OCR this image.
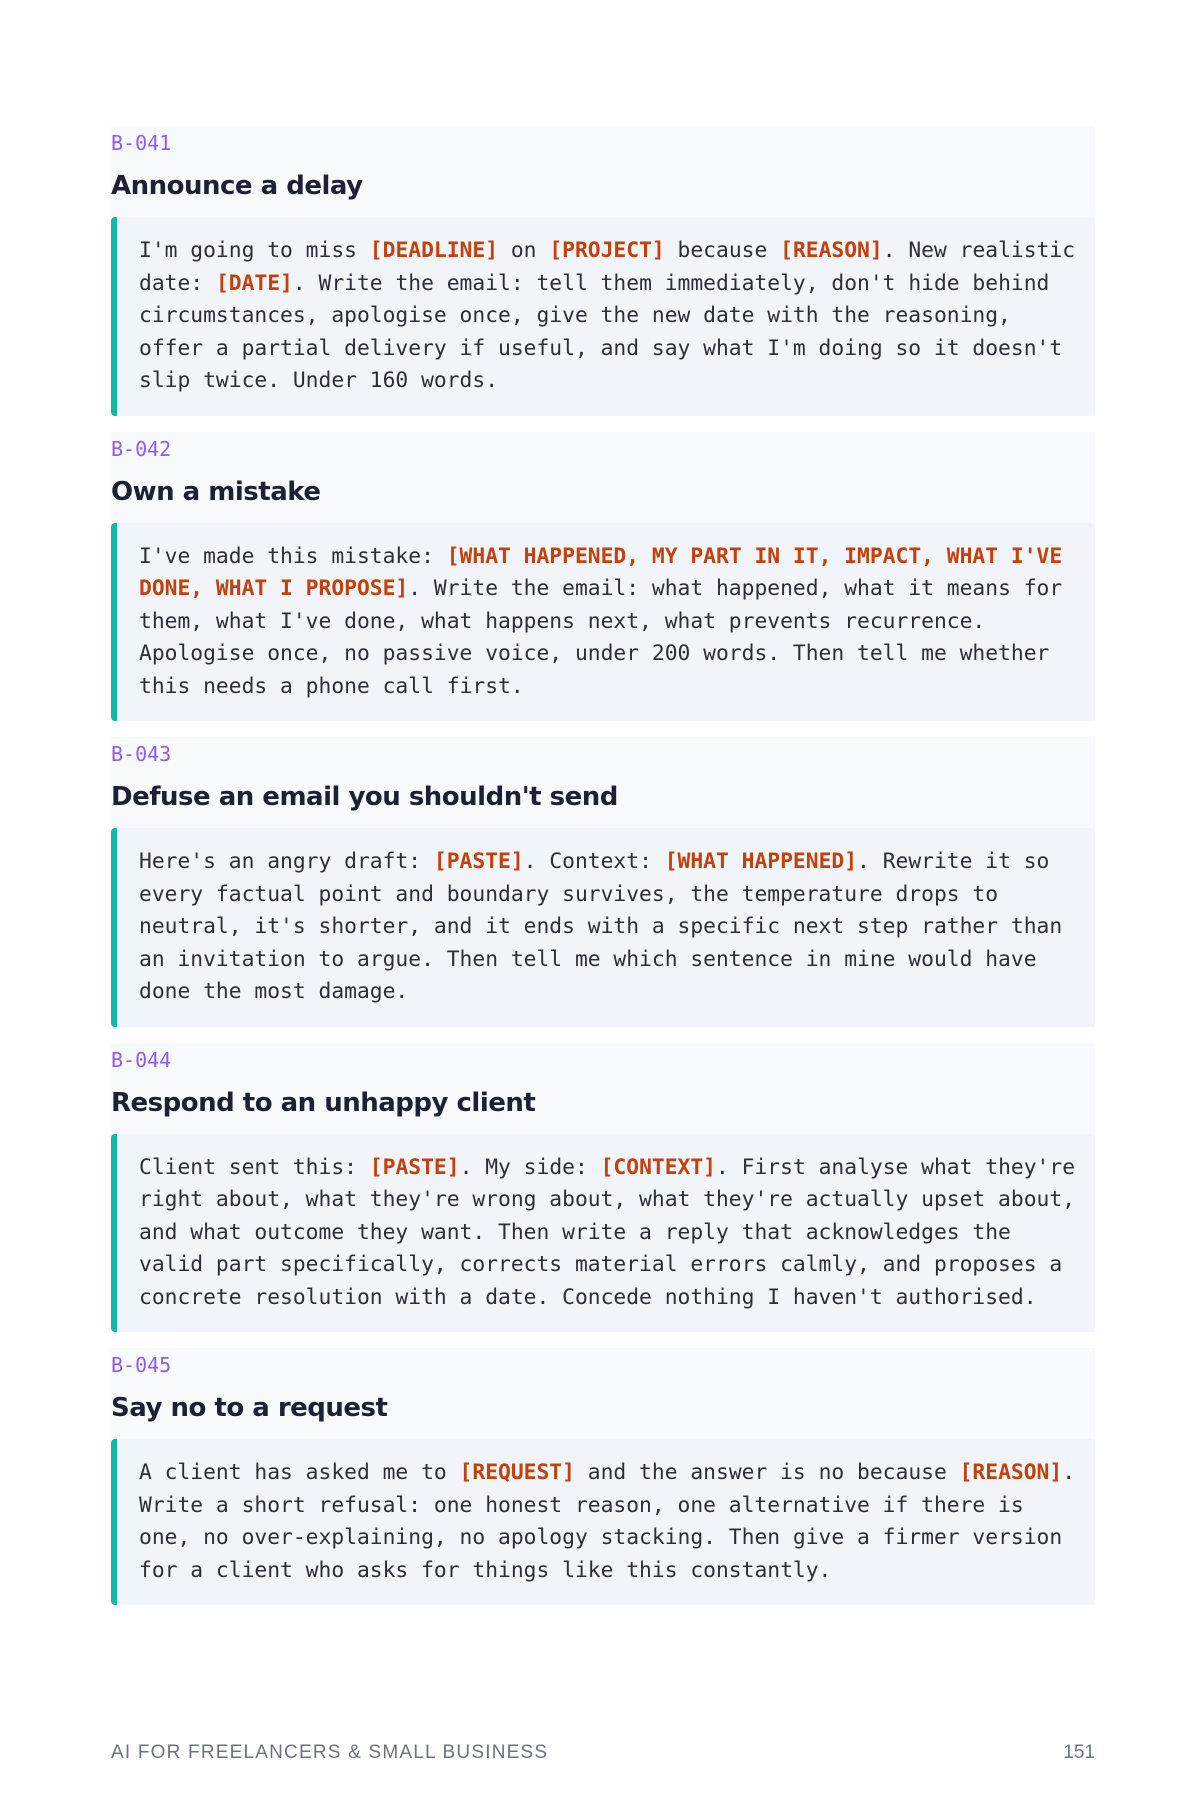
B-041
Announce a delay
I'm going to miss [DEADLINE] on [PROJECT] because [REASON]. New realistic date: [DATE]. Write the email: tell them immediately, don't hide behind circumstances, apologise once, give the new date with the reasoning, offer a partial delivery if useful, and say what I'm doing so it doesn't slip twice. Under 160 words.
B-042
Own a mistake
I've made this mistake: [WHAT HAPPENED, MY PART IN IT, IMPACT, WHAT I'VE DONE, WHAT I PROPOSE]. Write the email: what happened, what it means for them, what I've done, what happens next, what prevents recurrence. Apologise once, no passive voice, under 200 words. Then tell me whether this needs a phone call first.
B-043
Defuse an email you shouldn't send
Here's an angry draft: [PASTE]. Context: [WHAT HAPPENED]. Rewrite it so every factual point and boundary survives, the temperature drops to neutral, it's shorter, and it ends with a specific next step rather than an invitation to argue. Then tell me which sentence in mine would have done the most damage.
B-044
Respond to an unhappy client
Client sent this: [PASTE]. My side: [CONTEXT]. First analyse what they're right about, what they're wrong about, what they're actually upset about, and what outcome they want. Then write a reply that acknowledges the valid part specifically, corrects material errors calmly, and proposes a concrete resolution with a date. Concede nothing I haven't authorised.
B-045
Say no to a request
A client has asked me to [REQUEST] and the answer is no because [REASON]. Write a short refusal: one honest reason, one alternative if there is one, no over-explaining, no apology stacking. Then give a firmer version for a client who asks for things like this constantly.
AI FOR FREELANCERS & SMALL BUSINESS	151
